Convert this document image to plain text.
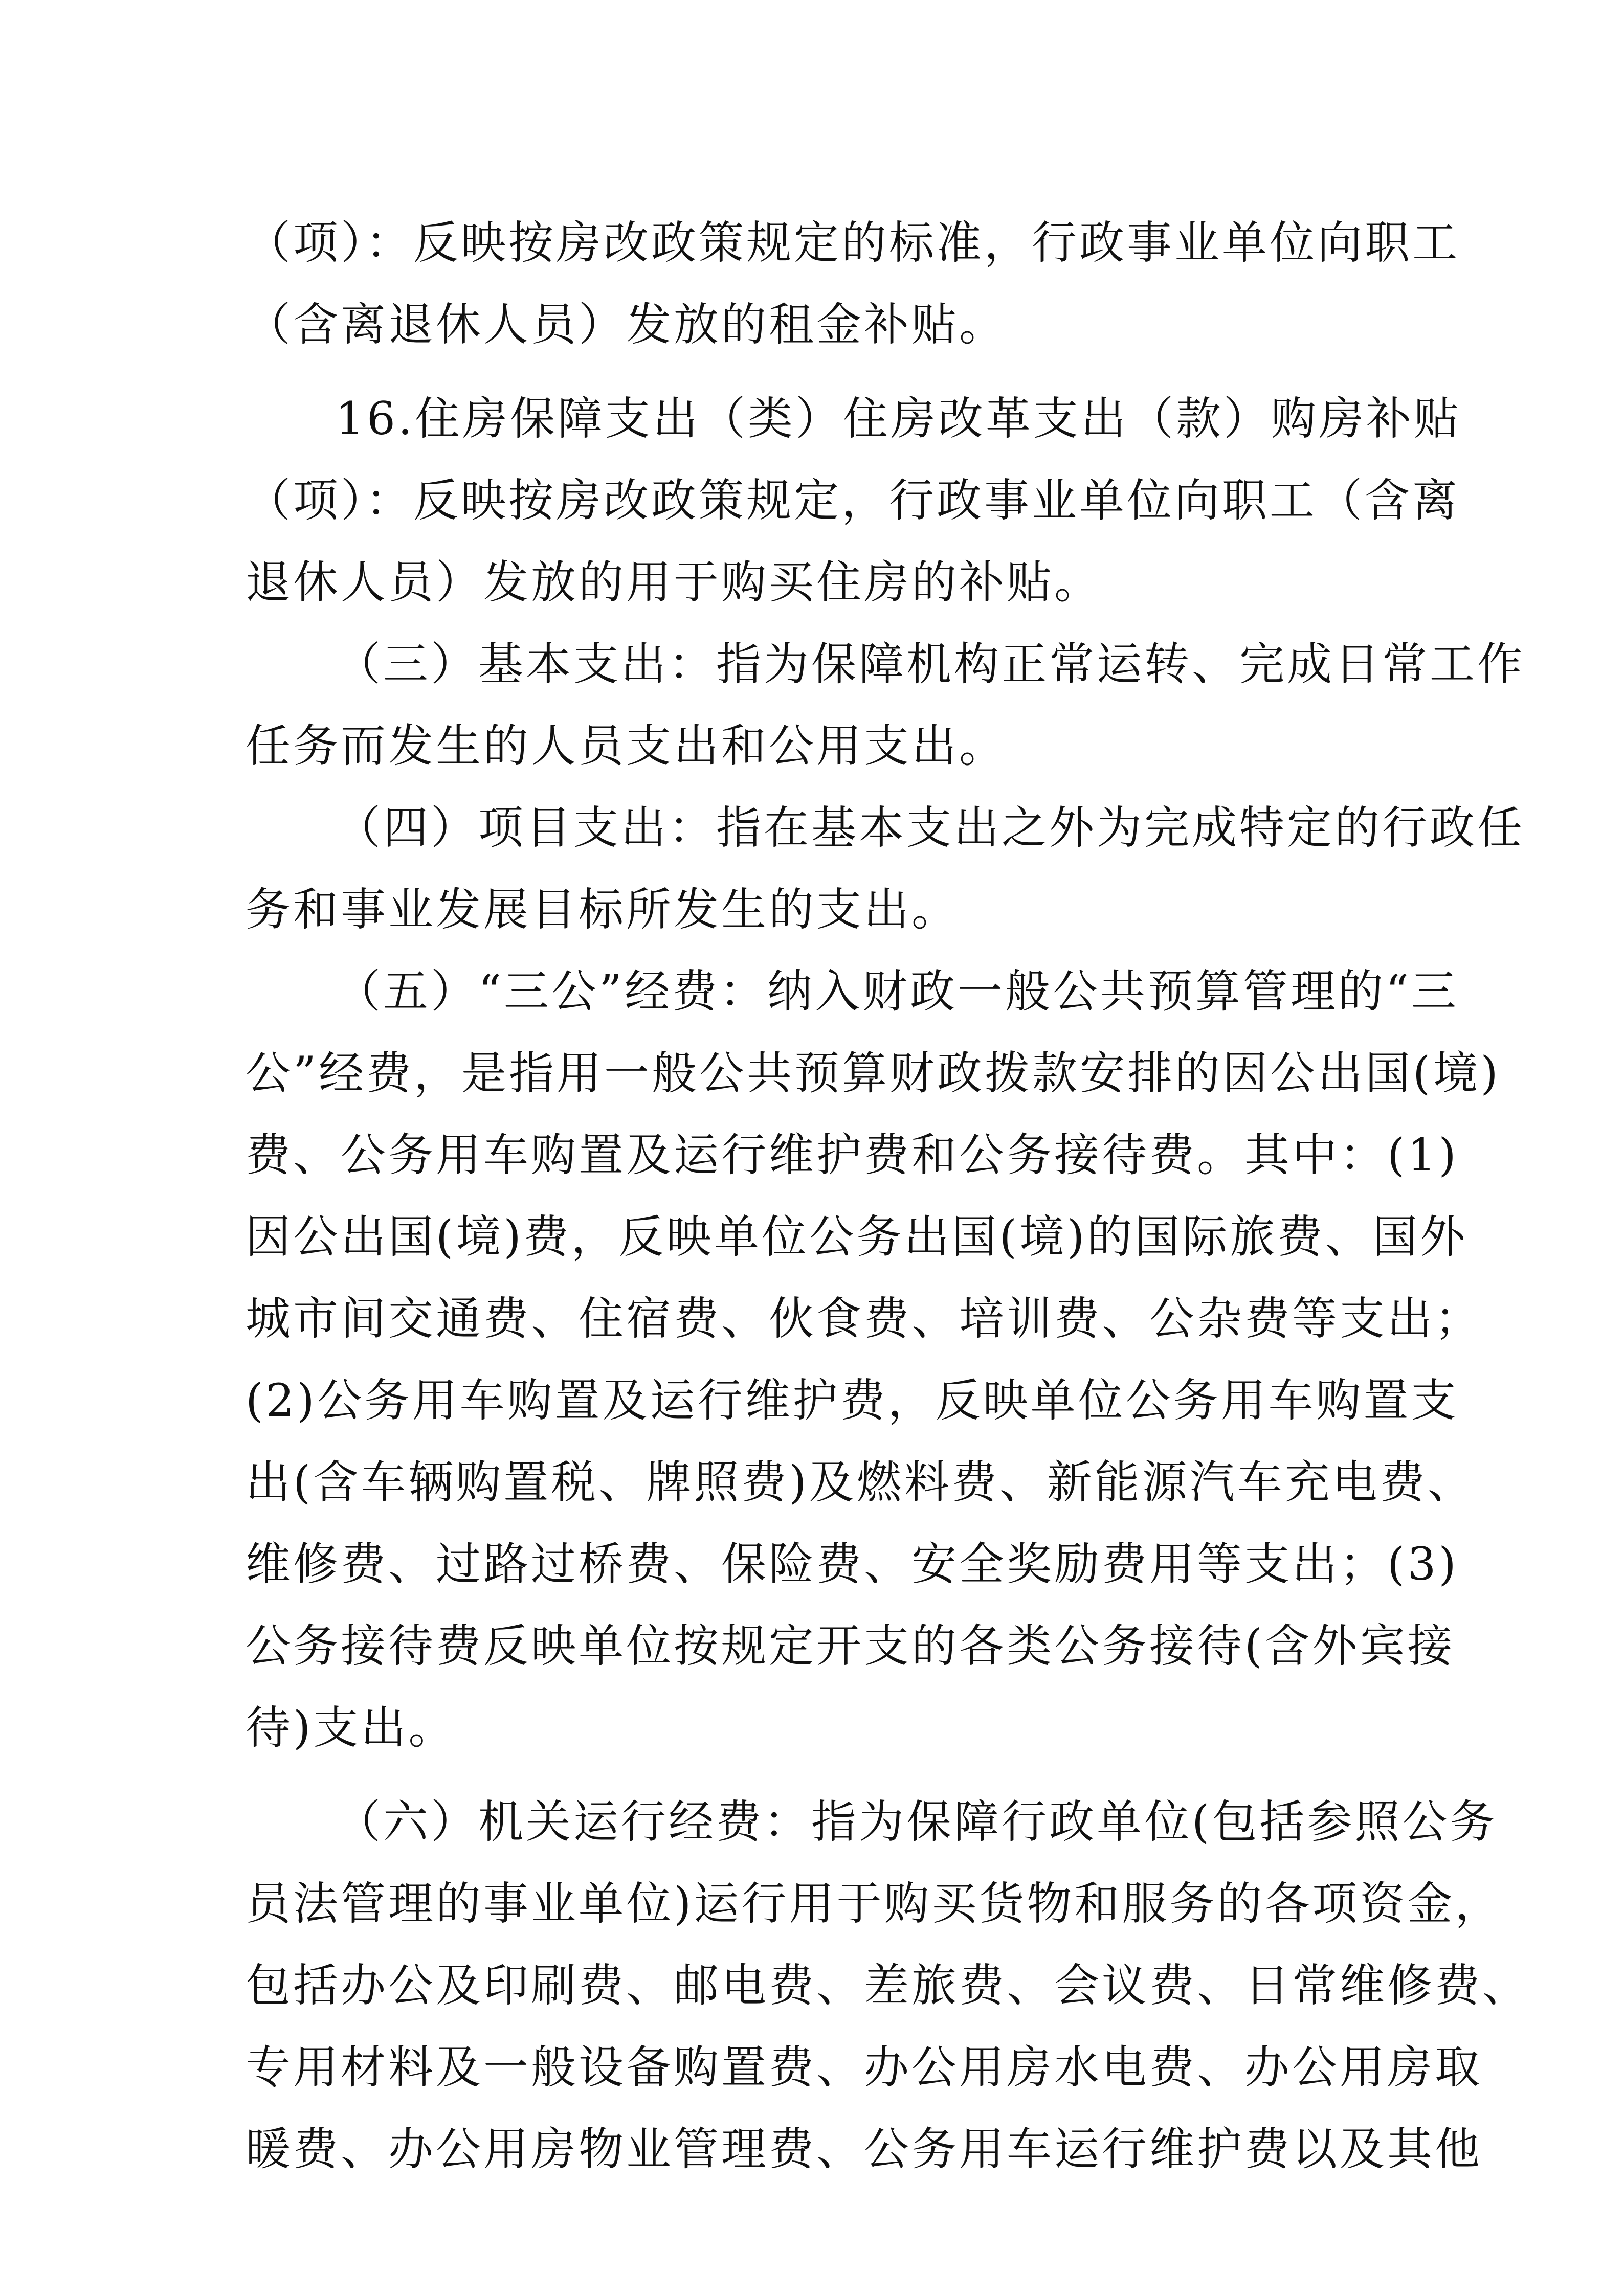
（项）：反映按房改政策规定的标准，行政事业单位向职工
（含离退休人员）发放的租金补贴。
16.住房保障支出（类）住房改革支出（款）购房补贴
（项）：反映按房改政策规定，行政事业单位向职工（含离
退休人员）发放的用于购买住房的补贴。
（三）基本支出：指为保障机构正常运转、完成日常工作
任务而发生的人员支出和公用支出。
（四）项目支出：指在基本支出之外为完成特定的行政任
务和事业发展目标所发生的支出。
（五）“三公”经费：纳入财政一般公共预算管理的“三
公”经费，是指用一般公共预算财政拨款安排的因公出国(境)
费、公务用车购置及运行维护费和公务接待费。其中：(1)
因公出国(境)费，反映单位公务出国(境)的国际旅费、国外
城市间交通费、住宿费、伙食费、培训费、公杂费等支出；
(2)公务用车购置及运行维护费，反映单位公务用车购置支
出(含车辆购置税、牌照费)及燃料费、新能源汽车充电费、
维修费、过路过桥费、保险费、安全奖励费用等支出；(3)
公务接待费反映单位按规定开支的各类公务接待(含外宾接
待)支出。
（六）机关运行经费：指为保障行政单位(包括参照公务
员法管理的事业单位)运行用于购买货物和服务的各项资金，
包括办公及印刷费、邮电费、差旅费、会议费、日常维修费、
专用材料及一般设备购置费、办公用房水电费、办公用房取
暖费、办公用房物业管理费、公务用车运行维护费以及其他
